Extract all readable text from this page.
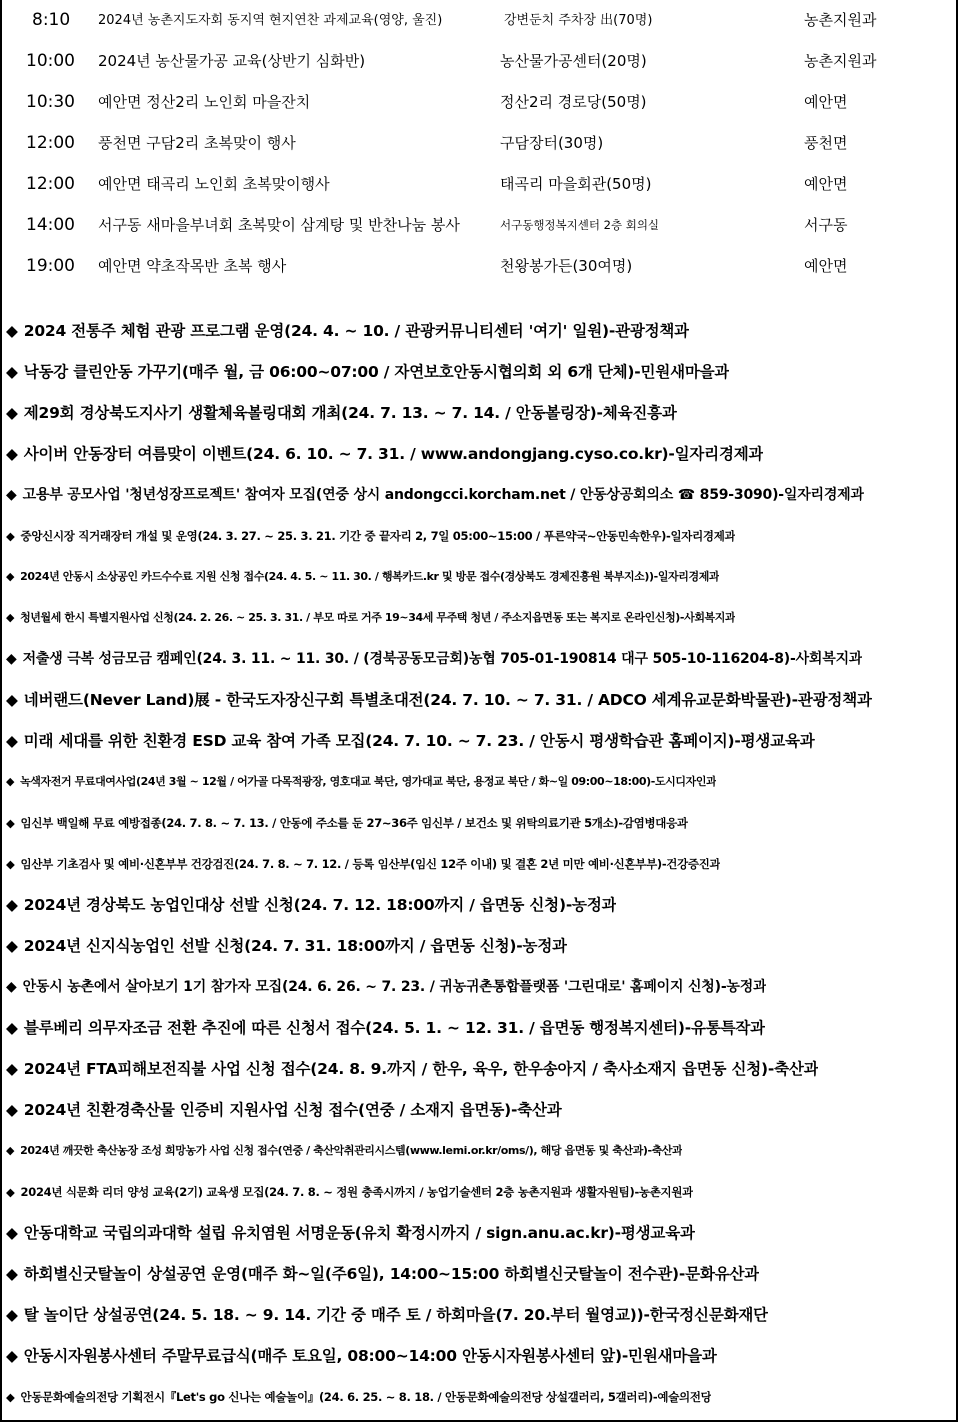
8:10 2024년 농촌지도자회 동지역 현지연찬 과제교육(영양, 울진)	강변둔치 주차장 出(70명)	농촌지원과
10:00 2024년 농산물가공 교육(상반기 심화반)	농산물가공센터(20명)	농촌지원과
10:30 예안면 정산2리 노인회 마을잔치	정산2리 경로당(50명)	예안면
12:00 풍천면 구담2리 초복맞이 행사	구담장터(30명)	풍천면
12:00 예안면 태곡리 노인회 초복맞이행사	태곡리 마을회관(50명)	예안면
14:00 서구동 새마을부녀회 초복맞이 삼계탕 및 반찬나눔 봉사	서구동행정복지센터 2층 회의실	서구동
19:00 예안면 약초작목반 초복 행사	천왕봉가든(30여명)	예안면
◆ 2024 전통주 체험 관광 프로그램 운영(24. 4. ~ 10. / 관광커뮤니티센터 '여기' 일원)-관광정책과
◆ 낙동강 클린안동 가꾸기(매주 월, 금 06:00~07:00 / 자연보호안동시협의회 외 6개 단체)-민원새마을과
◆ 제29회 경상북도지사기 생활체육볼링대회 개최(24. 7. 13. ~ 7. 14. / 안동볼링장)-체육진흥과
◆ 사이버 안동장터 여름맞이 이벤트(24. 6. 10. ~ 7. 31. / www.andongjang.cyso.co.kr)-일자리경제과
◆ 고용부 공모사업 '청년성장프로젝트' 참여자 모집(연중 상시 andongcci.korcham.net / 안동상공회의소 ☎ 859-3090)-일자리경제과
◆ 중앙신시장 직거래장터 개설 및 운영(24. 3. 27. ~ 25. 3. 21. 기간 중 끝자리 2, 7일 05:00~15:00 / 푸른약국~안동민속한우)-일자리경제과
◆ 2024년 안동시 소상공인 카드수수료 지원 신청 접수(24. 4. 5. ~ 11. 30. / 행복카드.kr 및 방문 접수(경상북도 경제진흥원 북부지소))-일자리경제과
◆ 청년월세 한시 특별지원사업 신청(24. 2. 26. ~ 25. 3. 31. / 부모 따로 거주 19~34세 무주택 청년 / 주소지읍면동 또는 복지로 온라인신청)-사회복지과
◆ 저출생 극복 성금모금 캠페인(24. 3. 11. ~ 11. 30. / (경북공동모금회)농협 705-01-190814 대구 505-10-116204-8)-사회복지과
◆ 네버랜드(Never Land)展 - 한국도자장신구회 특별초대전(24. 7. 10. ~ 7. 31. / ADCO 세계유교문화박물관)-관광정책과
◆ 미래 세대를 위한 친환경 ESD 교육 참여 가족 모집(24. 7. 10. ~ 7. 23. / 안동시 평생학습관 홈페이지)-평생교육과
◆ 녹색자전거 무료대여사업(24년 3월 ~ 12월 / 어가골 다목적광장, 영호대교 북단, 영가대교 북단, 용정교 북단 / 화~일 09:00~18:00)-도시디자인과
◆ 임신부 백일해 무료 예방접종(24. 7. 8. ~ 7. 13. / 안동에 주소를 둔 27~36주 임신부 / 보건소 및 위탁의료기관 5개소)-감염병대응과
◆ 임산부 기초검사 및 예비·신혼부부 건강검진(24. 7. 8. ~ 7. 12. / 등록 임산부(임신 12주 이내) 및 결혼 2년 미만 예비·신혼부부)-건강증진과
◆ 2024년 경상북도 농업인대상 선발 신청(24. 7. 12. 18:00까지 / 읍면동 신청)-농정과
◆ 2024년 신지식농업인 선발 신청(24. 7. 31. 18:00까지 / 읍면동 신청)-농정과
◆ 안동시 농촌에서 살아보기 1기 참가자 모집(24. 6. 26. ~ 7. 23. / 귀농귀촌통합플랫폼 '그린대로' 홈페이지 신청)-농정과
◆ 블루베리 의무자조금 전환 추진에 따른 신청서 접수(24. 5. 1. ~ 12. 31. / 읍면동 행정복지센터)-유통특작과
◆ 2024년 FTA피해보전직불 사업 신청 접수(24. 8. 9.까지 / 한우, 육우, 한우송아지 / 축사소재지 읍면동 신청)-축산과
◆ 2024년 친환경축산물 인증비 지원사업 신청 접수(연중 / 소재지 읍면동)-축산과
◆ 2024년 깨끗한 축산농장 조성 희망농가 사업 신청 접수(연중 / 축산악취관리시스템(www.lemi.or.kr/oms/), 해당 읍면동 및 축산과)-축산과
◆ 2024년 식문화 리더 양성 교육(2기) 교육생 모집(24. 7. 8. ~ 정원 충족시까지 / 농업기술센터 2층 농촌지원과 생활자원팀)-농촌지원과
◆ 안동대학교 국립의과대학 설립 유치염원 서명운동(유치 확정시까지 / sign.anu.ac.kr)-평생교육과
◆ 하회별신굿탈놀이 상설공연 운영(매주 화~일(주6일), 14:00~15:00 하회별신굿탈놀이 전수관)-문화유산과
◆ 탈 놀이단 상설공연(24. 5. 18. ~ 9. 14. 기간 중 매주 토 / 하회마을(7. 20.부터 월영교))-한국정신문화재단
◆ 안동시자원봉사센터 주말무료급식(매주 토요일, 08:00~14:00 안동시자원봉사센터 앞)-민원새마을과
◆ 안동문화예술의전당 기획전시『Let's go 신나는 예술놀이』(24. 6. 25. ~ 8. 18. / 안동문화예술의전당 상설갤러리, 5갤러리)-예술의전당
